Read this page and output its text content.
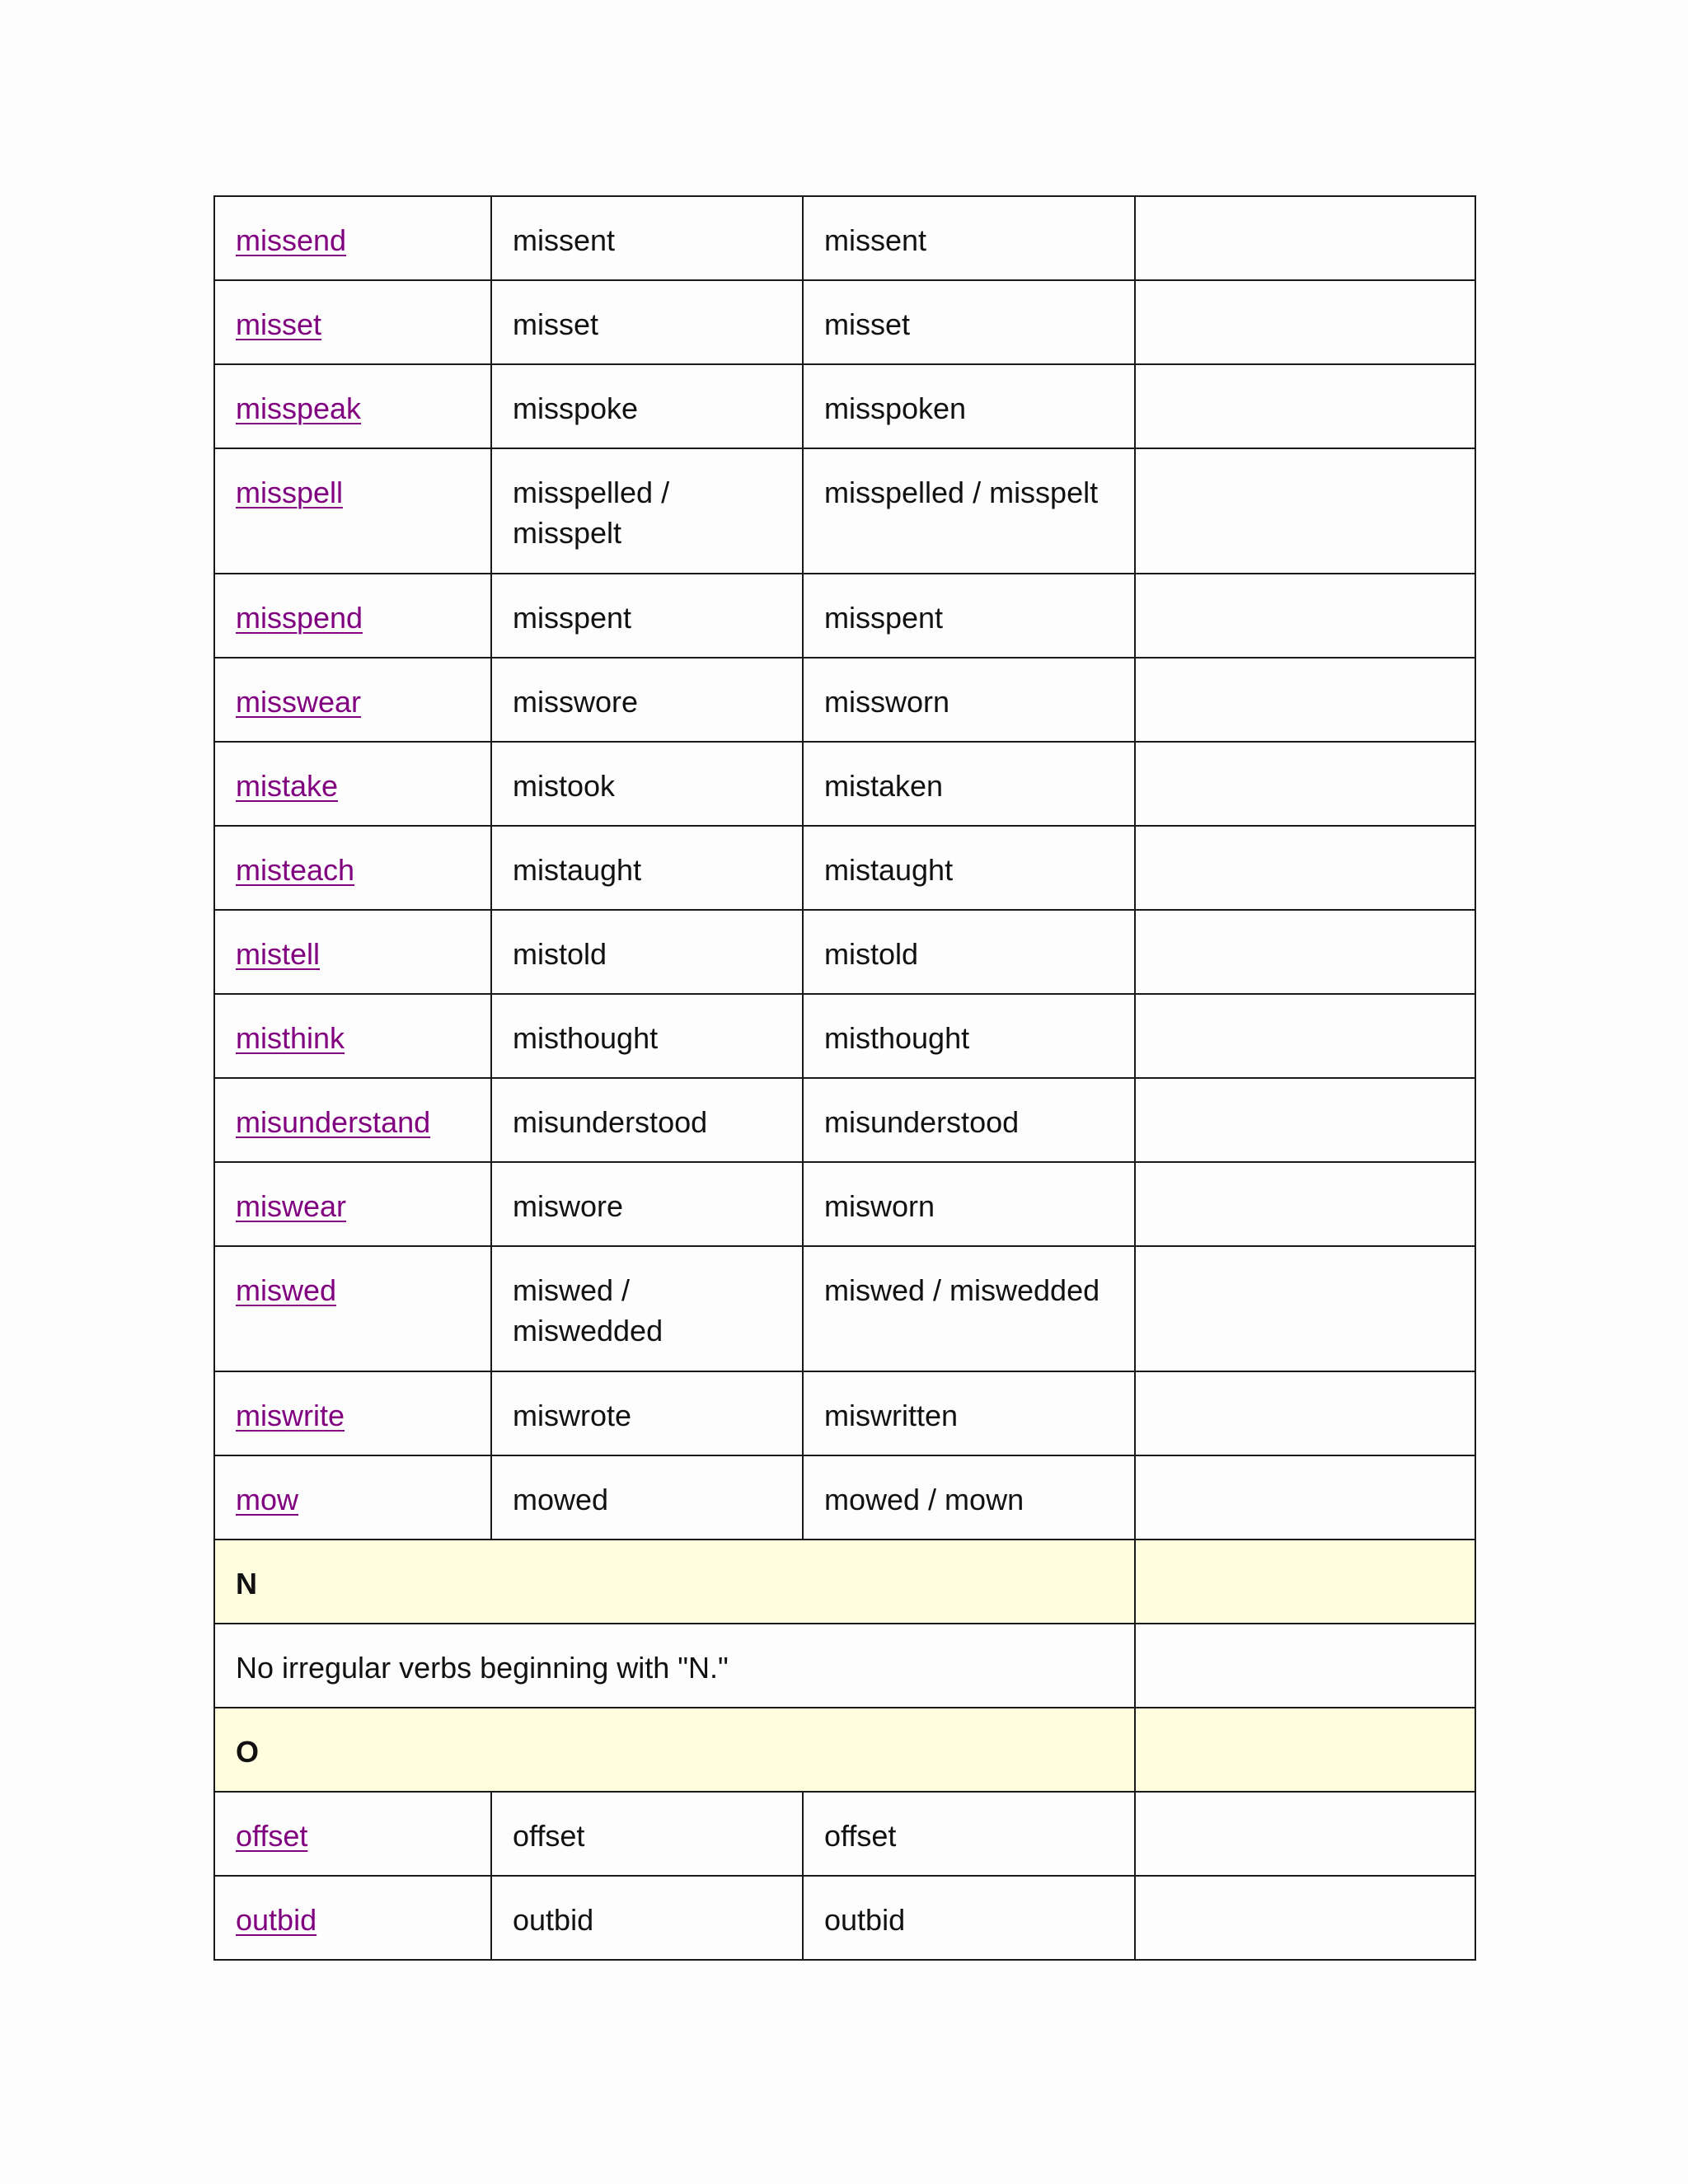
missend	missent	missent	
misset	misset	misset	
misspeak	misspoke	misspoken	
misspell	misspelled / misspelt	misspelled / misspelt	
misspend	misspent	misspent	
misswear	misswore	missworn	
mistake	mistook	mistaken	
misteach	mistaught	mistaught	
mistell	mistold	mistold	
misthink	misthought	misthought	
misunderstand	misunderstood	misunderstood	
miswear	miswore	misworn	
miswed	miswed / miswedded	miswed / miswedded	
miswrite	miswrote	miswritten	
mow	mowed	mowed / mown	
N			
No irregular verbs beginning with "N."			
O			
offset	offset	offset	
outbid	outbid	outbid	
